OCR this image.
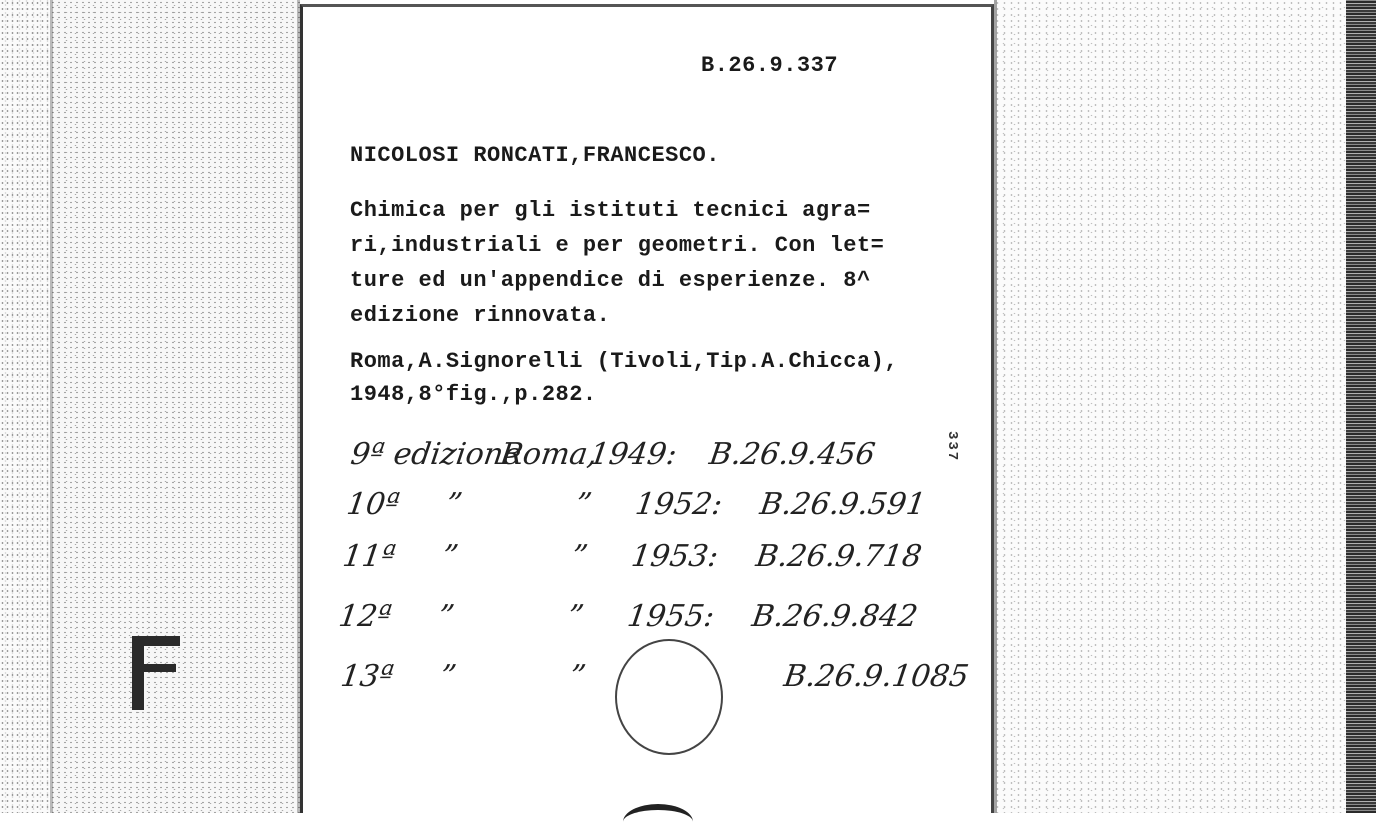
B.26.9.337
NICOLOSI RONCATI,FRANCESCO.
Chimica per gli istituti tecnici agra=
ri,industriali e per geometri. Con let=
ture ed un'appendice di esperienze. 8^
edizione rinnovata.
Roma,A.Signorelli (Tivoli,Tip.A.Chicca),
1948,8°fig.,p.282.
9ª edizione Roma, 1949: B.26.9.456
10ª ”	” 1952: B.26.9.591
11ª ”	” 1953: B.26.9.718
12ª ”	” 1955: B.26.9.842
13ª ”	”	B.26.9.1085
337
